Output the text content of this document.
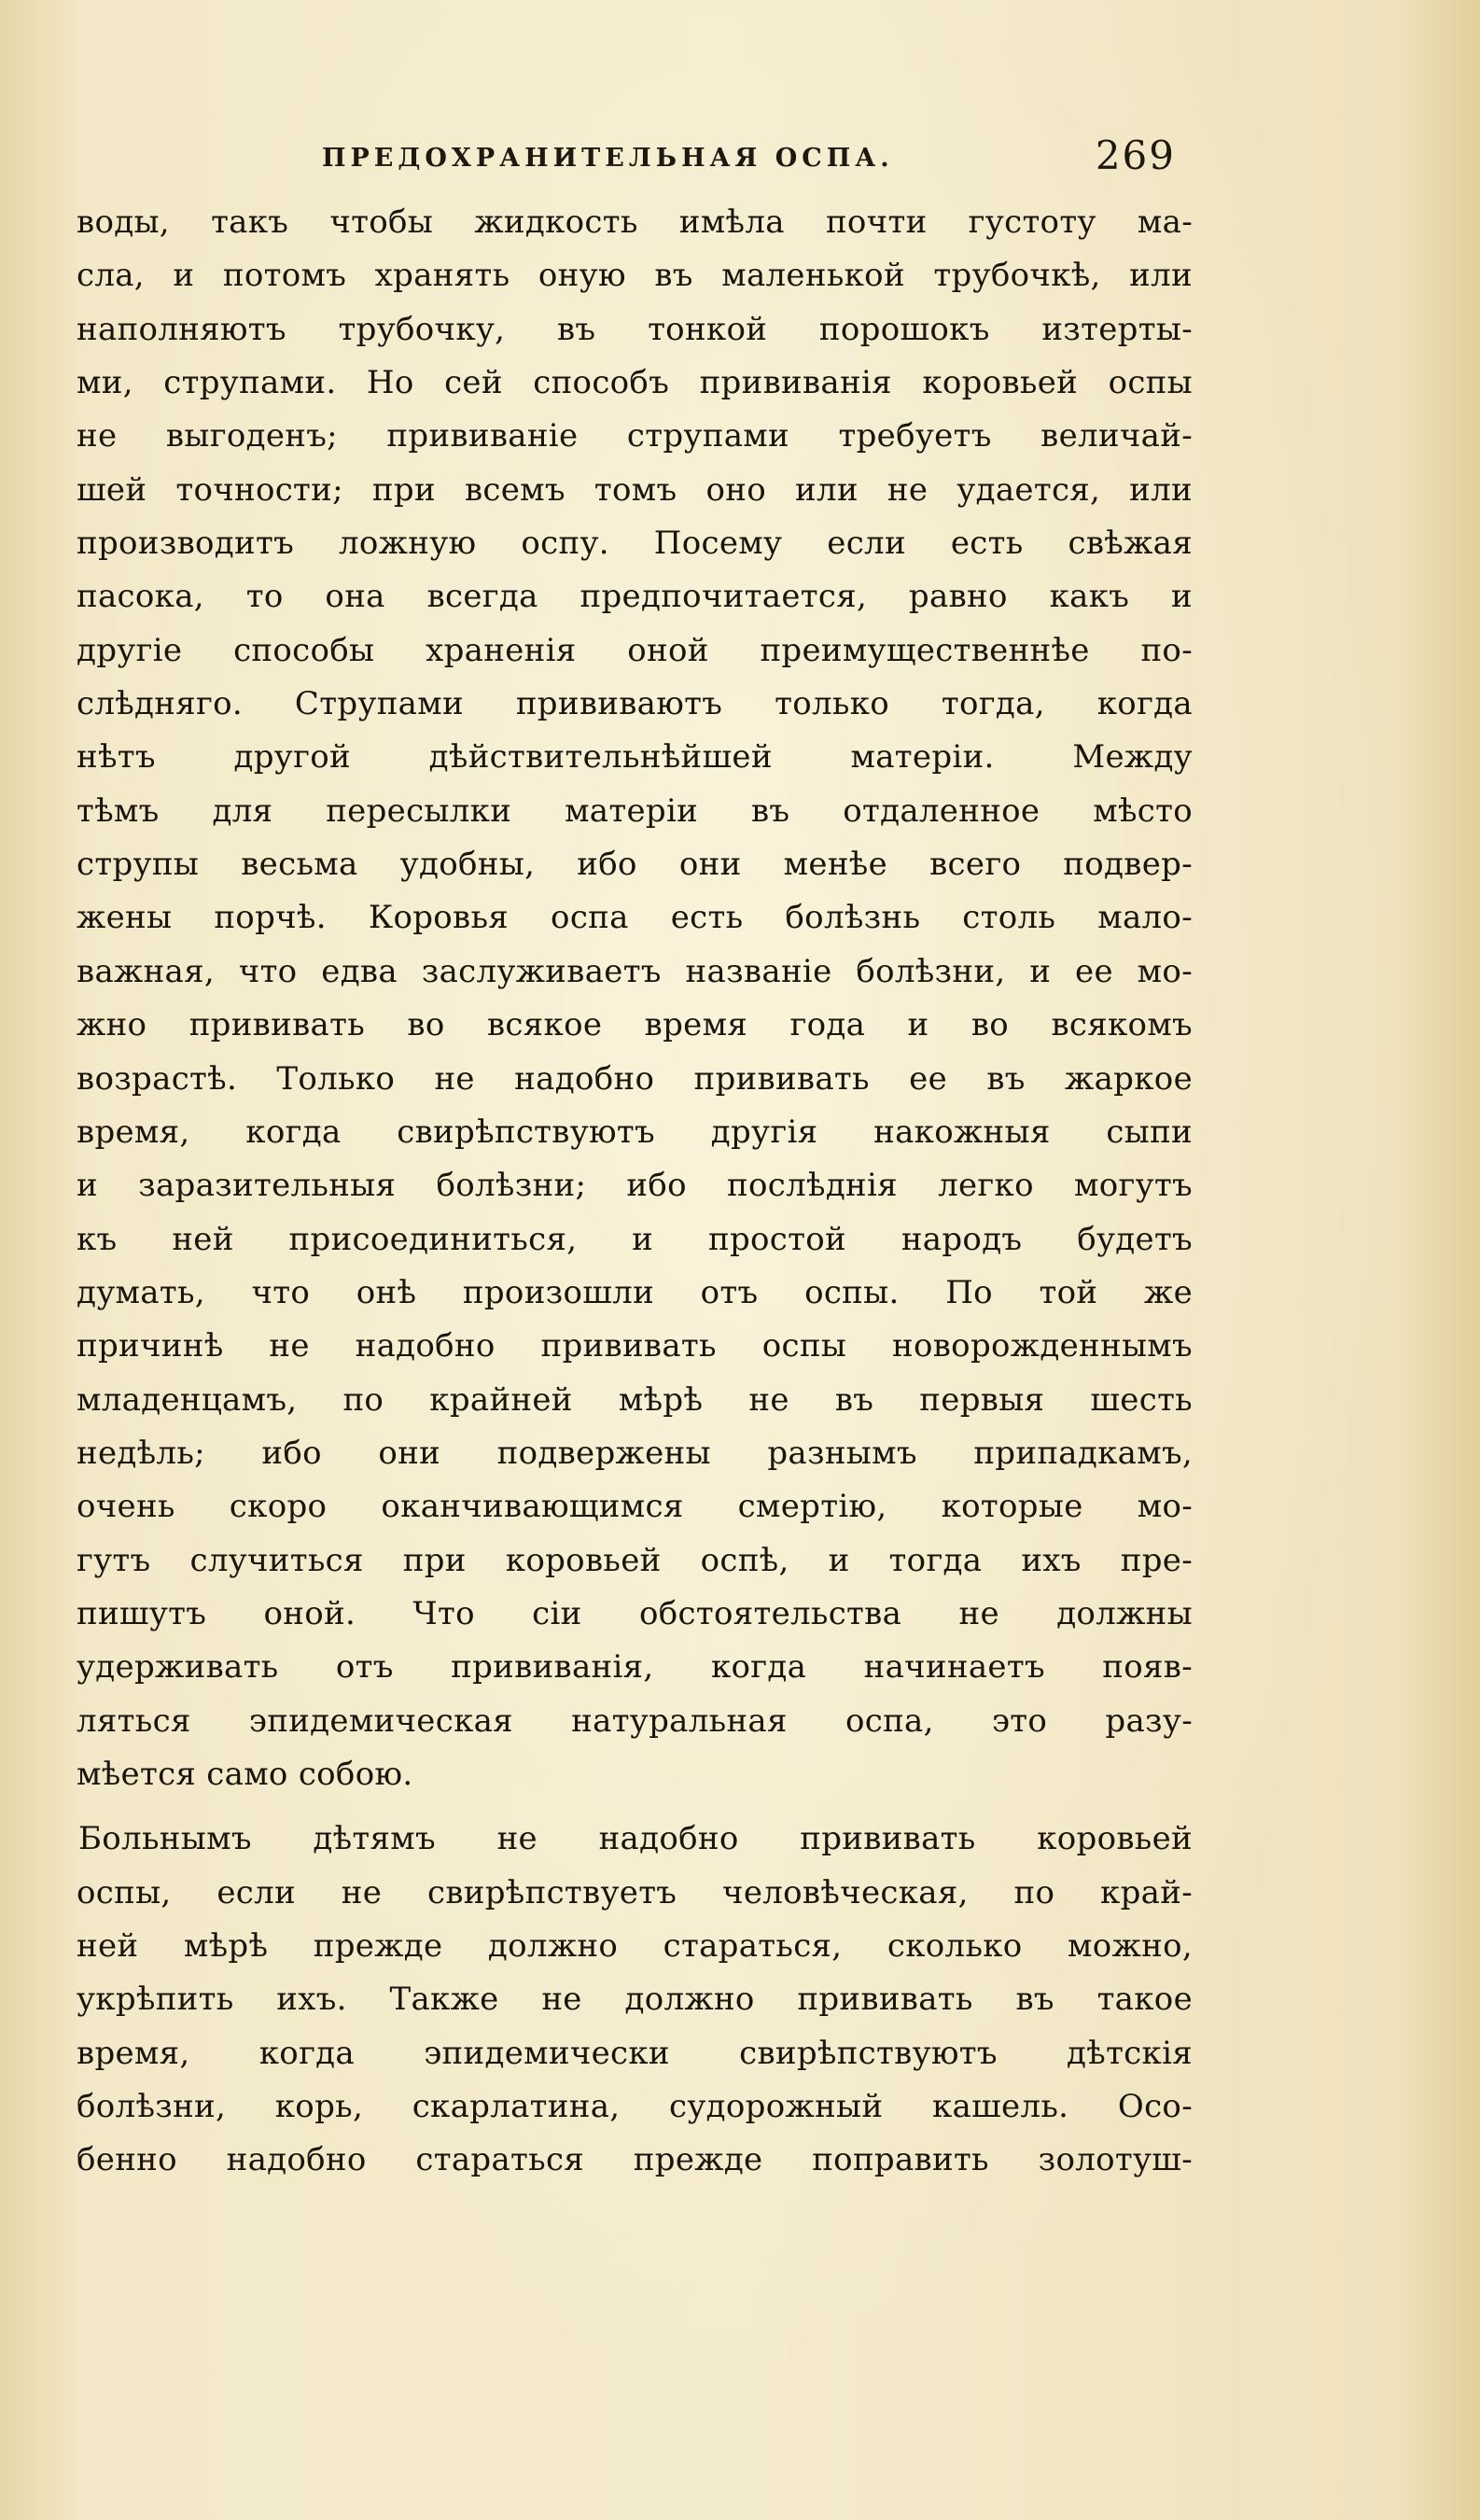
ПРЕДОХРАНИТЕЛЬНАЯ ОСПА.	269
воды, такъ чтобы жидкость имѣла почти густоту ма-
сла, и потомъ хранять оную въ маленькой трубочкѣ, или
наполняютъ трубочку, въ тонкой порошокъ изтерты-
ми, струпами. Но сей способъ прививанія коровьей оспы
не выгоденъ; прививаніе струпами требуетъ величай-
шей точности; при всемъ томъ оно или не удается, или
производитъ ложную оспу. Посему если есть свѣжая
пасока, то она всегда предпочитается, равно какъ и
другіе способы храненія оной преимущественнѣе по-
слѣдняго. Струпами прививаютъ только тогда, когда
нѣтъ другой дѣйствительнѣйшей матеріи. Между
тѣмъ для пересылки матеріи въ отдаленное мѣсто
струпы весьма удобны, ибо они менѣе всего подвер-
жены порчѣ. Коровья оспа есть болѣзнь столь мало-
важная, что едва заслуживаетъ названіе болѣзни, и ее мо-
жно прививать во всякое время года и во всякомъ
возрастѣ. Только не надобно прививать ее въ жаркое
время, когда свирѣпствуютъ другія накожныя сыпи
и заразительныя болѣзни; ибо послѣднія легко могутъ
къ ней присоединиться, и простой народъ будетъ
думать, что онѣ произошли отъ оспы. По той же
причинѣ не надобно прививать оспы новорожденнымъ
младенцамъ, по крайней мѣрѣ не въ первыя шесть
недѣль; ибо они подвержены разнымъ припадкамъ,
очень скоро оканчивающимся смертію, которые мо-
гутъ случиться при коровьей оспѣ, и тогда ихъ пре-
пишутъ оной. Что сіи обстоятельства не должны
удерживать отъ прививанія, когда начинаетъ появ-
ляться эпидемическая натуральная оспа, это разу-
мѣется само собою.
Больнымъ дѣтямъ не надобно прививать коровьей
оспы, если не свирѣпствуетъ человѣческая, по край-
ней мѣрѣ прежде должно стараться, сколько можно,
укрѣпить ихъ. Также не должно прививать въ такое
время, когда эпидемически свирѣпствуютъ дѣтскія
болѣзни, корь, скарлатина, судорожный кашель. Осо-
бенно надобно стараться прежде поправить золотуш-
